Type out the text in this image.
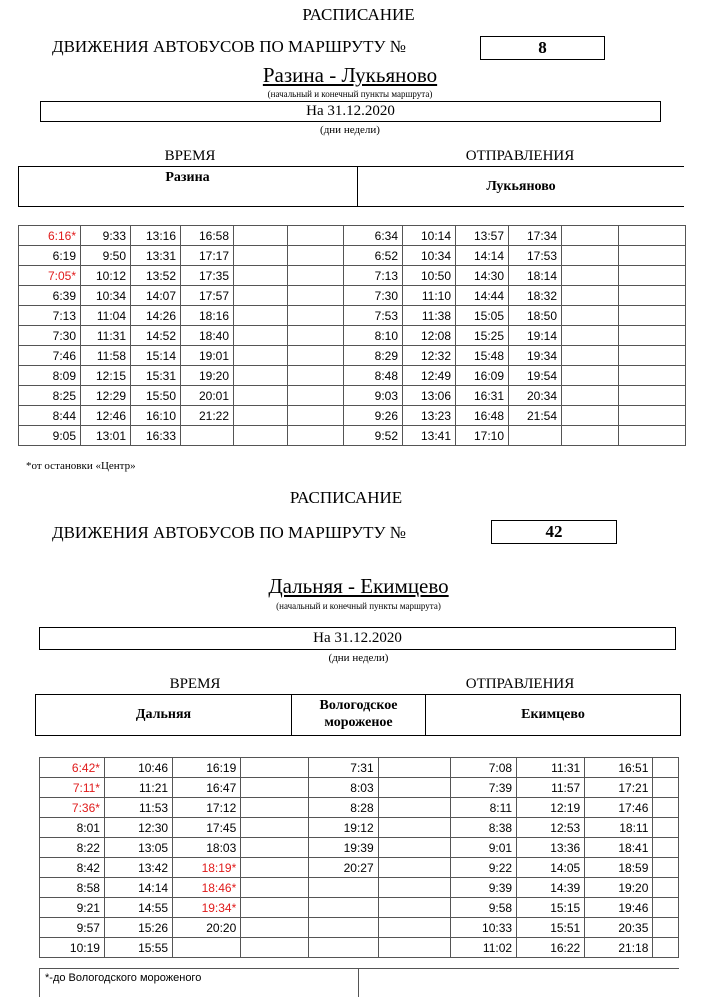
РАСПИСАНИЕ
ДВИЖЕНИЯ АВТОБУСОВ ПО МАРШРУТУ №	8
Разина - Лукьяново
(начальный и конечный пункты маршрута)
На 31.12.2020
(дни недели)
ВРЕМЯ	ОТПРАВЛЕНИЯ
Разина
Лукьяново
6:16*	9:33	13:16	16:58			6:34	10:14	13:57	17:34		
6:19	9:50	13:31	17:17			6:52	10:34	14:14	17:53		
7:05*	10:12	13:52	17:35			7:13	10:50	14:30	18:14		
6:39	10:34	14:07	17:57			7:30	11:10	14:44	18:32		
7:13	11:04	14:26	18:16			7:53	11:38	15:05	18:50		
7:30	11:31	14:52	18:40			8:10	12:08	15:25	19:14		
7:46	11:58	15:14	19:01			8:29	12:32	15:48	19:34		
8:09	12:15	15:31	19:20			8:48	12:49	16:09	19:54		
8:25	12:29	15:50	20:01			9:03	13:06	16:31	20:34		
8:44	12:46	16:10	21:22			9:26	13:23	16:48	21:54		
9:05	13:01	16:33				9:52	13:41	17:10			
*от остановки «Центр»
РАСПИСАНИЕ
ДВИЖЕНИЯ АВТОБУСОВ ПО МАРШРУТУ №	42
Дальняя - Екимцево
(начальный и конечный пункты маршрута)
На 31.12.2020
(дни недели)
ВРЕМЯ	ОТПРАВЛЕНИЯ
Дальняя
Вологодское мороженое
Екимцево
6:42*	10:46	16:19		7:31		7:08	11:31	16:51	
7:11*	11:21	16:47		8:03		7:39	11:57	17:21	
7:36*	11:53	17:12		8:28		8:11	12:19	17:46	
8:01	12:30	17:45		19:12		8:38	12:53	18:11	
8:22	13:05	18:03		19:39		9:01	13:36	18:41	
8:42	13:42	18:19*		20:27		9:22	14:05	18:59	
8:58	14:14	18:46*				9:39	14:39	19:20	
9:21	14:55	19:34*				9:58	15:15	19:46	
9:57	15:26	20:20				10:33	15:51	20:35	
10:19	15:55					11:02	16:22	21:18	
*-до Вологодского мороженого
